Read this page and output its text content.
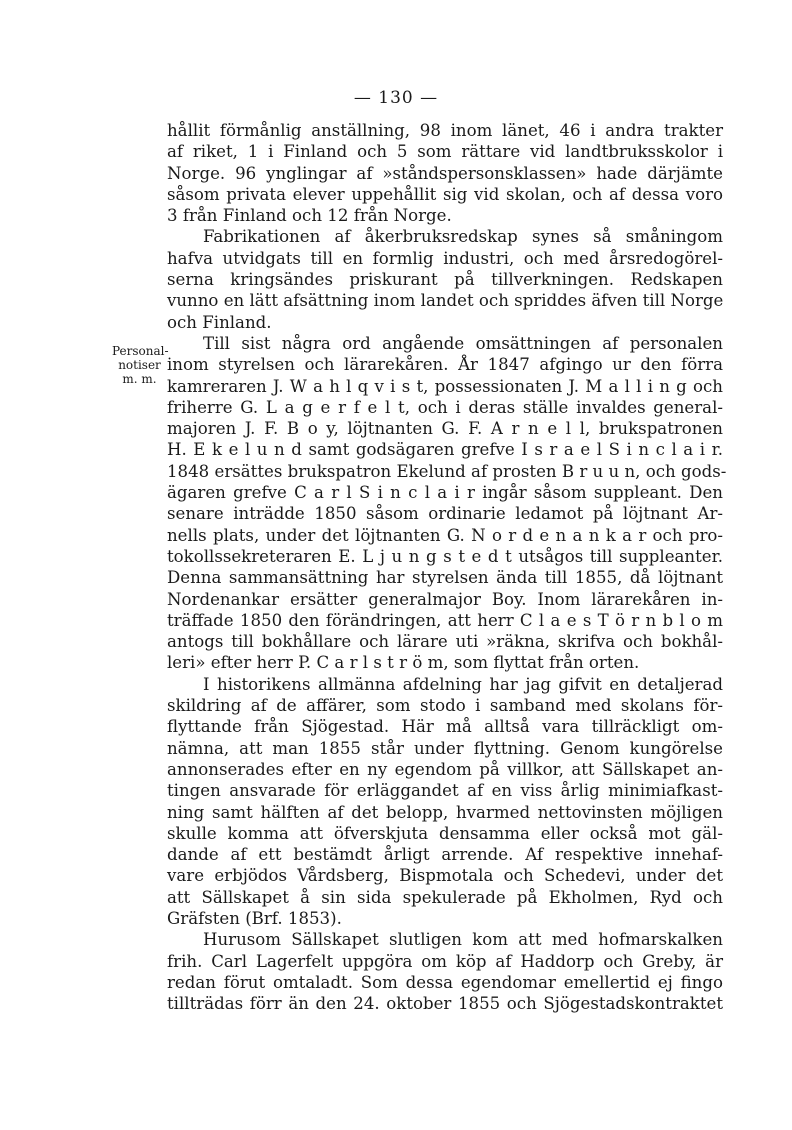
— 130 —
Personal-
notiser
m. m.
hållit förmånlig anställning, 98 inom länet, 46 i andra trakter
af riket, 1 i Finland och 5 som rättare vid landtbruksskolor i
Norge. 96 ynglingar af »ståndspersonsklassen» hade därjämte
såsom privata elever uppehållit sig vid skolan, och af dessa voro
3 från Finland och 12 från Norge.
Fabrikationen af åkerbruksredskap synes så småningom
hafva utvidgats till en formlig industri, och med årsredogörel-
serna kringsändes priskurant på tillverkningen. Redskapen
vunno en lätt afsättning inom landet och spriddes äfven till Norge
och Finland.
Till sist några ord angående omsättningen af personalen
inom styrelsen och lärarekåren. År 1847 afgingo ur den förra
kamreraren J. W a h l q v i s t, possessionaten J. M a l l i n g och
friherre G. L a g e r f e l t, och i deras ställe invaldes general-
majoren J. F. B o y, löjtnanten G. F. A r n e l l, brukspatronen
H. E k e l u n d samt godsägaren grefve I s r a e l S i n c l a i r.
1848 ersättes brukspatron Ekelund af prosten B r u u n, och gods-
ägaren grefve C a r l S i n c l a i r ingår såsom suppleant. Den
senare inträdde 1850 såsom ordinarie ledamot på löjtnant Ar-
nells plats, under det löjtnanten G. N o r d e n a n k a r och pro-
tokollssekreteraren E. L j u n g s t e d t utsågos till suppleanter.
Denna sammansättning har styrelsen ända till 1855, då löjtnant
Nordenankar ersätter generalmajor Boy. Inom lärarekåren in-
träffade 1850 den förändringen, att herr C l a e s T ö r n b l o m
antogs till bokhållare och lärare uti »räkna, skrifva och bokhål-
leri» efter herr P. C a r l s t r ö m, som flyttat från orten.
I historikens allmänna afdelning har jag gifvit en detaljerad
skildring af de affärer, som stodo i samband med skolans för-
flyttande från Sjögestad. Här må alltså vara tillräckligt om-
nämna, att man 1855 står under flyttning. Genom kungörelse
annonserades efter en ny egendom på villkor, att Sällskapet an-
tingen ansvarade för erläggandet af en viss årlig minimiafkast-
ning samt hälften af det belopp, hvarmed nettovinsten möjligen
skulle komma att öfverskjuta densamma eller också mot gäl-
dande af ett bestämdt årligt arrende. Af respektive innehaf-
vare erbjödos Vårdsberg, Bispmotala och Schedevi, under det
att Sällskapet å sin sida spekulerade på Ekholmen, Ryd och
Gräfsten (Brf. 1853).
Hurusom Sällskapet slutligen kom att med hofmarskalken
frih. Carl Lagerfelt uppgöra om köp af Haddorp och Greby, är
redan förut omtaladt. Som dessa egendomar emellertid ej fingo
tillträdas förr än den 24. oktober 1855 och Sjögestadskontraktet
